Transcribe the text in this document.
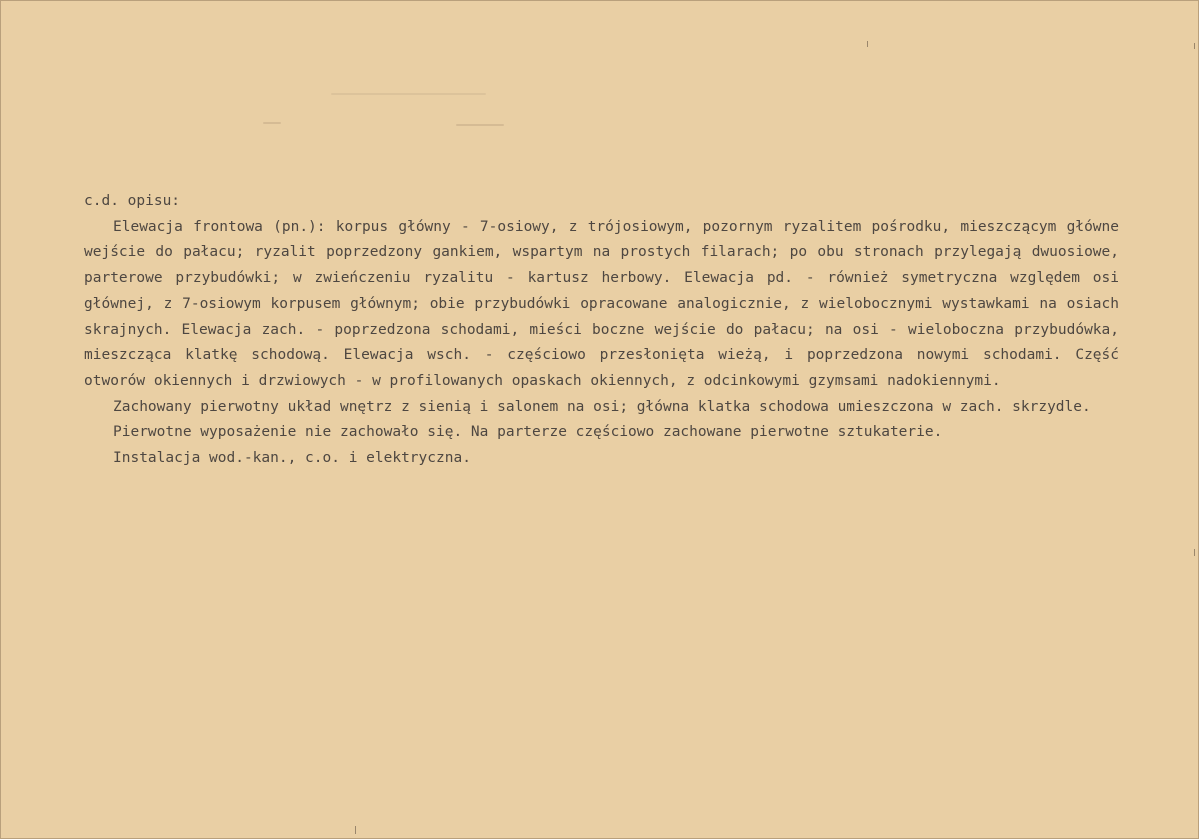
c.d. opisu:

Elewacja frontowa (pn.): korpus główny - 7-osiowy, z trójosiowym, pozornym ryzalitem pośrodku, mieszczącym główne wejście do pałacu; ryzalit poprzedzony gankiem, wspartym na prostych filarach; po obu stronach przylegają dwuosiowe, parterowe przybudówki; w zwieńczeniu ryzalitu - kartusz herbowy. Elewacja pd. - również symetryczna względem osi głównej, z 7-osiowym korpusem głównym; obie przybudówki opracowane analogicznie, z wielobocznymi wystawkami na osiach skrajnych. Elewacja zach. - poprzedzona schodami, mieści boczne wejście do pałacu; na osi - wieloboczna przybudówka, mieszcząca klatkę schodową. Elewacja wsch. - częściowo przesłonięta wieżą, i poprzedzona nowymi schodami. Część otworów okiennych i drzwiowych - w profilowanych opaskach okiennych, z odcinkowymi gzymsami nadokiennymi.

Zachowany pierwotny układ wnętrz z sienią i salonem na osi; główna klatka schodowa umieszczona w zach. skrzydle.

Pierwotne wyposażenie nie zachowało się. Na parterze częściowo zachowane pierwotne sztukaterie.

Instalacja wod.-kan., c.o. i elektryczna.
